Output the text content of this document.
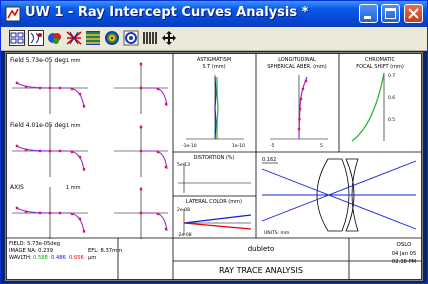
UW 1 - Ray Intercept Curves Analysis *
Field 5.73e-05 deg 1 mm
Field 4.01e-05 deg 1 mm
AXIS	1 mm
ASTIGMATISM
S T (mm)
-1e-10	1e-10
LONGITUDINAL
SPHERICAL ABER. (mm)
-5	5
CHROMATIC
FOCAL SHIFT (mm)
0.7
0.6
0.5
DISTORTION (%)
5e-13
LATERAL COLOR (mm)
2e-08
-2e-08
0.162
UNITS: mm
FIELD: 5.73e-05deg
IMAGE NA: 0.239	EFL: 8.37mm
WAVLTH: 0.588 0.486 0.656 µm
dubleto
RAY TRACE ANALYSIS
OSLO
04 Jan 05
02:38 PM
